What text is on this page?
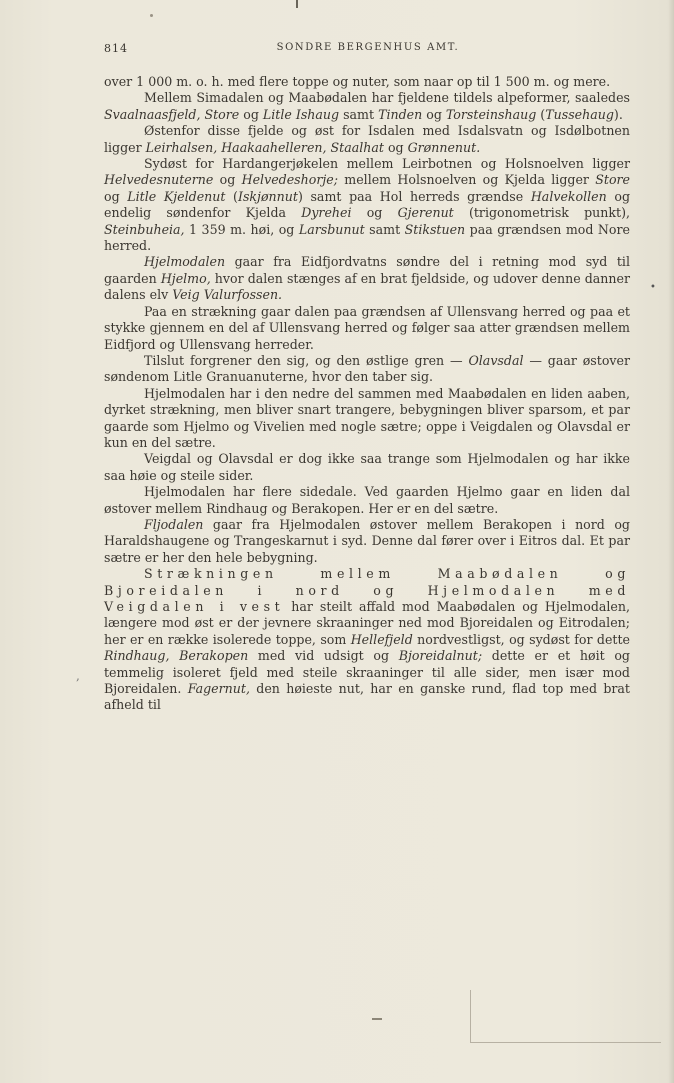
814	SONDRE BERGENHUS AMT.

over 1 000 m. o. h. med flere toppe og nuter, som naar op til 1 500 m. og mere.

Mellem Simadalen og Maabødalen har fjeldene tildels alpeformer, saaledes Svaalnaasfjeld, Store og Litle Ishaug samt Tinden og Torsteinshaug (Tussehaug).

Østenfor disse fjelde og øst for Isdalen med Isdalsvatn og Isdølbotnen ligger Leirhalsen, Haakaahelleren, Staalhat og Grønnenut.

Sydøst for Hardangerjøkelen mellem Leirbotnen og Holsnoelven ligger Helvedesnuterne og Helvedeshorje; mellem Holsnoelven og Kjelda ligger Store og Litle Kjeldenut (Iskjønnut) samt paa Hol herreds grændse Halvekollen og endelig søndenfor Kjelda Dyrehei og Gjerenut (trigonometrisk punkt), Steinbuheia, 1 359 m. høi, og Larsbunut samt Stikstuen paa grændsen mod Nore herred.

Hjelmodalen gaar fra Eidfjordvatns søndre del i retning mod syd til gaarden Hjelmo, hvor dalen stænges af en brat fjeldside, og udover denne danner dalens elv Veig Valurfossen.

Paa en strækning gaar dalen paa grændsen af Ullensvang herred og paa et stykke gjennem en del af Ullensvang herred og følger saa atter grændsen mellem Eidfjord og Ullensvang herreder.

Tilslut forgrener den sig, og den østlige gren — Olavsdal — gaar østover søndenom Litle Granuanuterne, hvor den taber sig.

Hjelmodalen har i den nedre del sammen med Maabødalen en liden aaben, dyrket strækning, men bliver snart trangere, bebygningen bliver sparsom, et par gaarde som Hjelmo og Vivelien med nogle sætre; oppe i Veigdalen og Olavsdal er kun en del sætre.

Veigdal og Olavsdal er dog ikke saa trange som Hjelmodalen og har ikke saa høie og steile sider.

Hjelmodalen har flere sidedale. Ved gaarden Hjelmo gaar en liden dal østover mellem Rindhaug og Berakopen. Her er en del sætre.

Fljodalen gaar fra Hjelmodalen østover mellem Berakopen i nord og Haraldshaugene og Trangeskarnut i syd. Denne dal fører over i Eitros dal. Et par sætre er her den hele bebygning.

Strækningen mellem Maabødalen og Bjoreidalen i nord og Hjelmodalen med Veigdalen i vest har steilt affald mod Maabødalen og Hjelmodalen, længere mod øst er der jevnere skraaninger ned mod Bjoreidalen og Eitrodalen; her er en række isolerede toppe, som Hellefjeld nordvestligst, og sydøst for dette Rindhaug, Berakopen med vid udsigt og Bjoreidalnut; dette er et høit og temmelig isoleret fjeld med steile skraaninger til alle sider, men især mod Bjoreidalen. Fagernut, den høieste nut, har en ganske rund, flad top med brat afheld til

•
,
